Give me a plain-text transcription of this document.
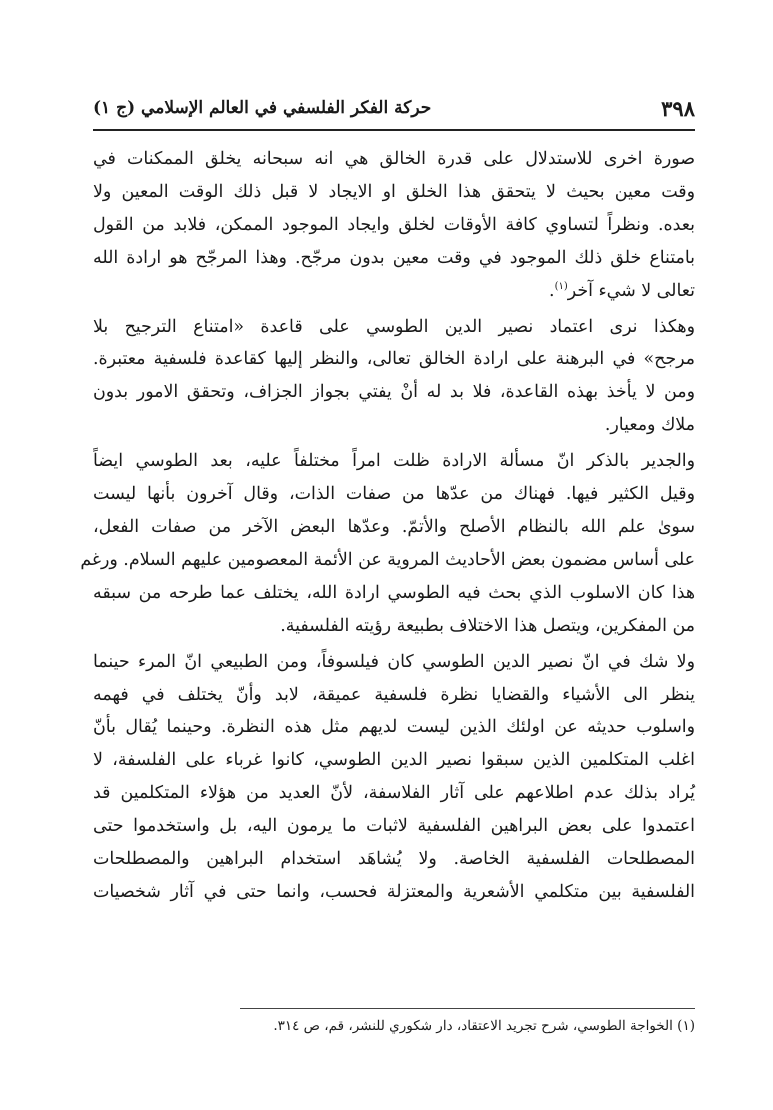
٣٩٨
حركة الفكر الفلسفي في العالم الإسلامي (ج ١)
صورة اخرى للاستدلال على قدرة الخالق هي انه سبحانه يخلق الممكنات في
وقت معين بحيث لا يتحقق هذا الخلق او الايجاد لا قبل ذلك الوقت المعين ولا
بعده. ونظراً لتساوي كافة الأوقات لخلق وايجاد الموجود الممكن، فلابد من القول
بامتناع خلق ذلك الموجود في وقت معين بدون مرجّح. وهذا المرجّح هو ارادة الله
تعالى لا شيء آخر$^{(١)}$.
وهكذا نرى اعتماد نصير الدين الطوسي على قاعدة «امتناع الترجيح بلا
مرجح» في البرهنة على ارادة الخالق تعالى، والنظر إليها كقاعدة فلسفية معتبرة.
ومن لا يأخذ بهذه القاعدة، فلا بد له أنْ يفتي بجواز الجزاف، وتحقق الامور بدون
ملاك ومعيار.
والجدير بالذكر انّ مسألة الارادة ظلت امراً مختلفاً عليه، بعد الطوسي ايضاً
وقيل الكثير فيها. فهناك من عدّها من صفات الذات، وقال آخرون بأنها ليست
سوىٰ علم الله بالنظام الأصلح والأتمّ. وعدّها البعض الآخر من صفات الفعل،
على أساس مضمون بعض الأحاديث المروية عن الأئمة المعصومين عليهم السلام. ورغم
هذا كان الاسلوب الذي بحث فيه الطوسي ارادة الله، يختلف عما طرحه من سبقه
من المفكرين، ويتصل هذا الاختلاف بطبيعة رؤيته الفلسفية.
ولا شك في انّ نصير الدين الطوسي كان فيلسوفاً، ومن الطبيعي انّ المرء حينما
ينظر الى الأشياء والقضايا نظرة فلسفية عميقة، لابد وأنّ يختلف في فهمه
واسلوب حديثه عن اولئك الذين ليست لديهم مثل هذه النظرة. وحينما يُقال بأنّ
اغلب المتكلمين الذين سبقوا نصير الدين الطوسي، كانوا غرباء على الفلسفة، لا
يُراد بذلك عدم اطلاعهم على آثار الفلاسفة، لأنّ العديد من هؤلاء المتكلمين قد
اعتمدوا على بعض البراهين الفلسفية لاثبات ما يرمون اليه، بل واستخدموا حتى
المصطلحات الفلسفية الخاصة. ولا يُشاهَد استخدام البراهين والمصطلحات
الفلسفية بين متكلمي الأشعرية والمعتزلة فحسب، وانما حتى في آثار شخصيات
(١) الخواجة الطوسي، شرح تجريد الاعتقاد، دار شكوري للنشر، قم، ص ٣١٤.
